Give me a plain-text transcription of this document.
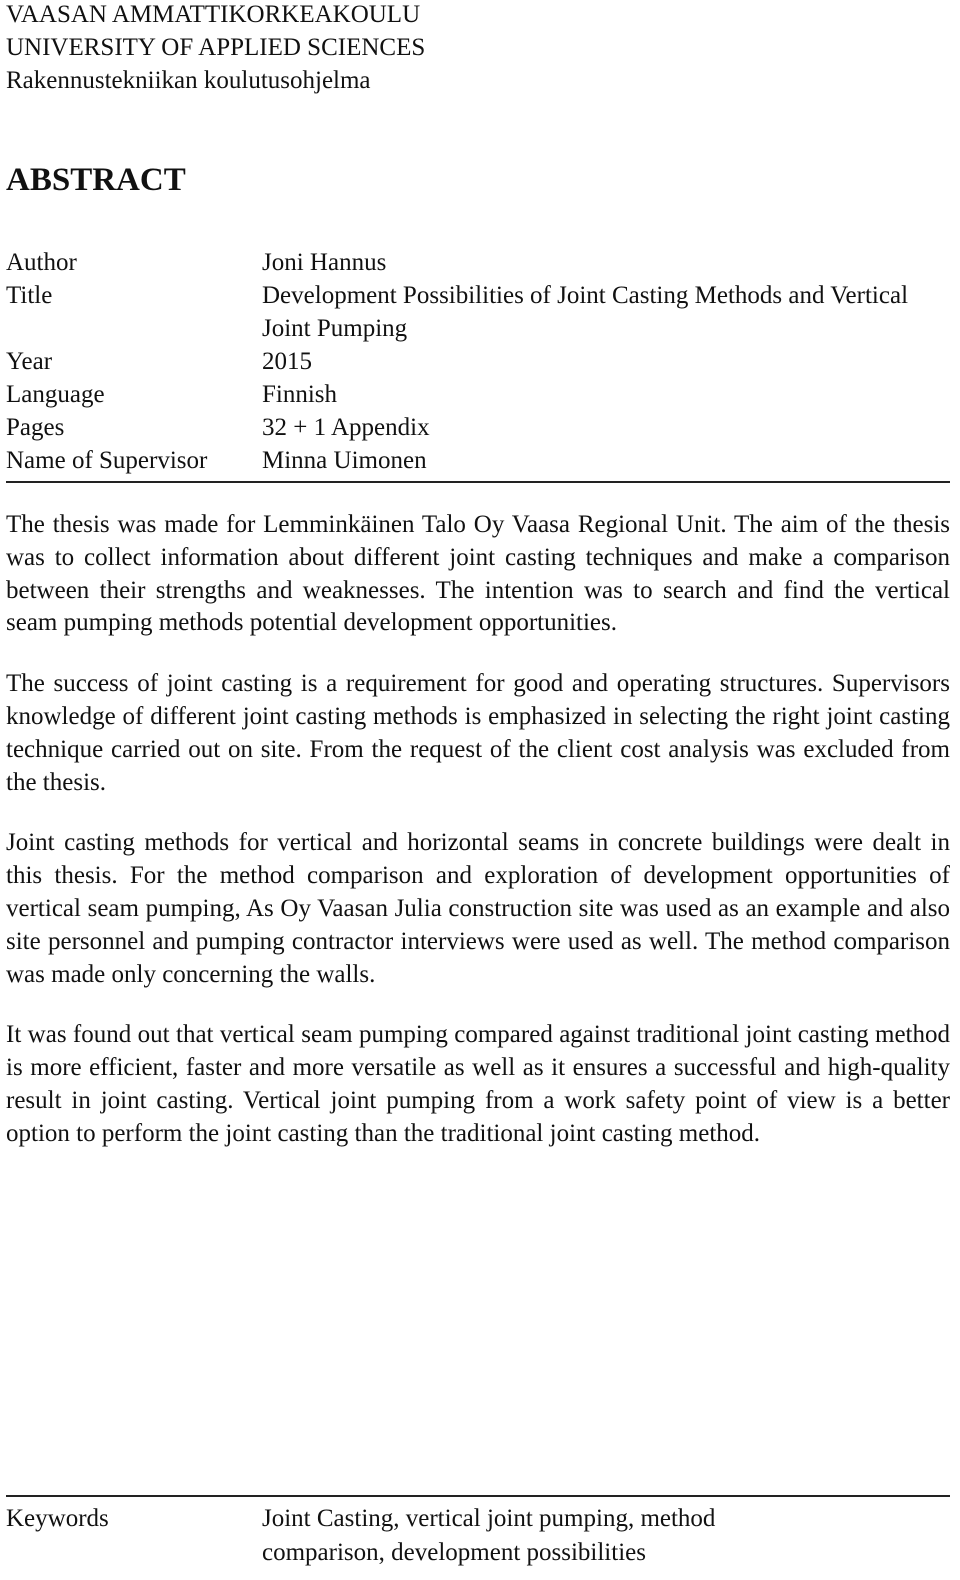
VAASAN AMMATTIKORKEAKOULU
UNIVERSITY OF APPLIED SCIENCES
Rakennustekniikan koulutusohjelma
ABSTRACT
Author	Joni Hannus
Title	Development Possibilities of Joint Casting Methods and Vertical Joint Pumping
Year	2015
Language	Finnish
Pages	32 + 1 Appendix
Name of Supervisor	Minna Uimonen

The thesis was made for Lemminkäinen Talo Oy Vaasa Regional Unit. The aim of the thesis was to collect information about different joint casting techniques and make a comparison between their strengths and weaknesses. The intention was to search and find the vertical seam pumping methods potential development opportunities.

The success of joint casting is a requirement for good and operating structures. Supervisors knowledge of different joint casting methods is emphasized in selecting the right joint casting technique carried out on site. From the request of the client cost analysis was excluded from the thesis.

Joint casting methods for vertical and horizontal seams in concrete buildings were dealt in this thesis. For the method comparison and exploration of development opportunities of vertical seam pumping, As Oy Vaasan Julia construction site was used as an example and also site personnel and pumping contractor interviews were used as well. The method comparison was made only concerning the walls.

It was found out that vertical seam pumping compared against traditional joint casting method is more efficient, faster and more versatile as well as it ensures a successful and high-quality result in joint casting. Vertical joint pumping from a work safety point of view is a better option to perform the joint casting than the traditional joint casting method.

Keywords	Joint Casting, vertical joint pumping, method comparison, development possibilities
